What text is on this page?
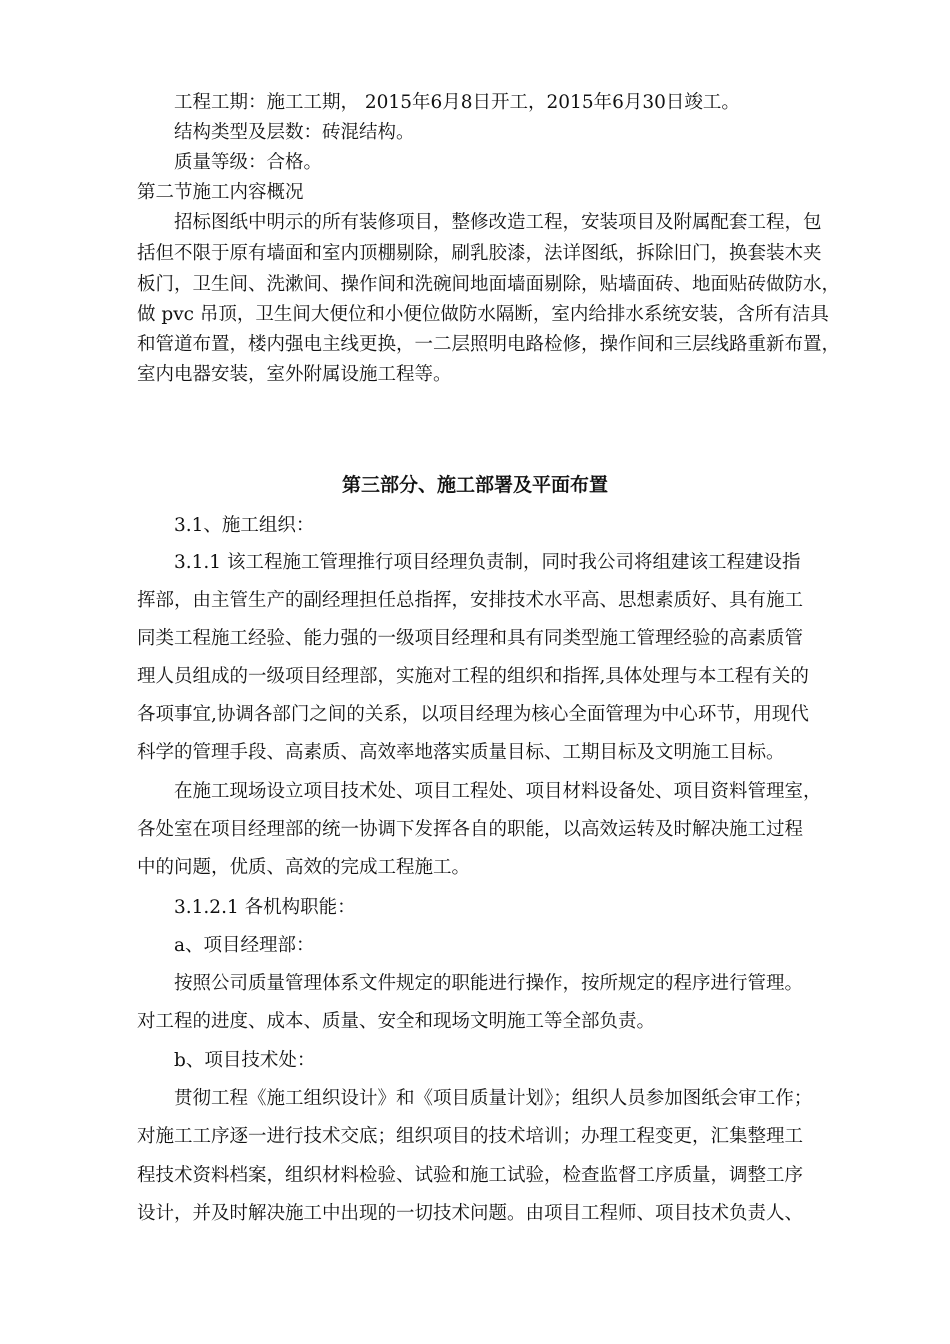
工程工期：施工工期， 2015年6月8日开工，2015年6月30日竣工。

结构类型及层数：砖混结构。

质量等级：合格。

第二节施工内容概况

招标图纸中明示的所有装修项目，整修改造工程，安装项目及附属配套工程，包

括但不限于原有墙面和室内顶棚剔除，刷乳胶漆，法详图纸，拆除旧门，换套装木夹

板门，卫生间、洗漱间、操作间和洗碗间地面墙面剔除，贴墙面砖、地面贴砖做防水，

做 pvc 吊顶，卫生间大便位和小便位做防水隔断，室内给排水系统安装，含所有洁具

和管道布置，楼内强电主线更换，一二层照明电路检修，操作间和三层线路重新布置，

室内电器安装，室外附属设施工程等。

第三部分、施工部署及平面布置

3.1、施工组织：

3.1.1 该工程施工管理推行项目经理负责制，同时我公司将组建该工程建设指

挥部，由主管生产的副经理担任总指挥，安排技术水平高、思想素质好、具有施工

同类工程施工经验、能力强的一级项目经理和具有同类型施工管理经验的高素质管

理人员组成的一级项目经理部，实施对工程的组织和指挥,具体处理与本工程有关的

各项事宜,协调各部门之间的关系，以项目经理为核心全面管理为中心环节，用现代

科学的管理手段、高素质、高效率地落实质量目标、工期目标及文明施工目标。

在施工现场设立项目技术处、项目工程处、项目材料设备处、项目资料管理室，

各处室在项目经理部的统一协调下发挥各自的职能，以高效运转及时解决施工过程

中的问题，优质、高效的完成工程施工。

3.1.2.1 各机构职能：

a、项目经理部：

按照公司质量管理体系文件规定的职能进行操作，按所规定的程序进行管理。

对工程的进度、成本、质量、安全和现场文明施工等全部负责。

b、项目技术处：

贯彻工程《施工组织设计》和《项目质量计划》；组织人员参加图纸会审工作；

对施工工序逐一进行技术交底；组织项目的技术培训；办理工程变更，汇集整理工

程技术资料档案，组织材料检验、试验和施工试验，检查监督工序质量，调整工序

设计，并及时解决施工中出现的一切技术问题。由项目工程师、项目技术负责人、
